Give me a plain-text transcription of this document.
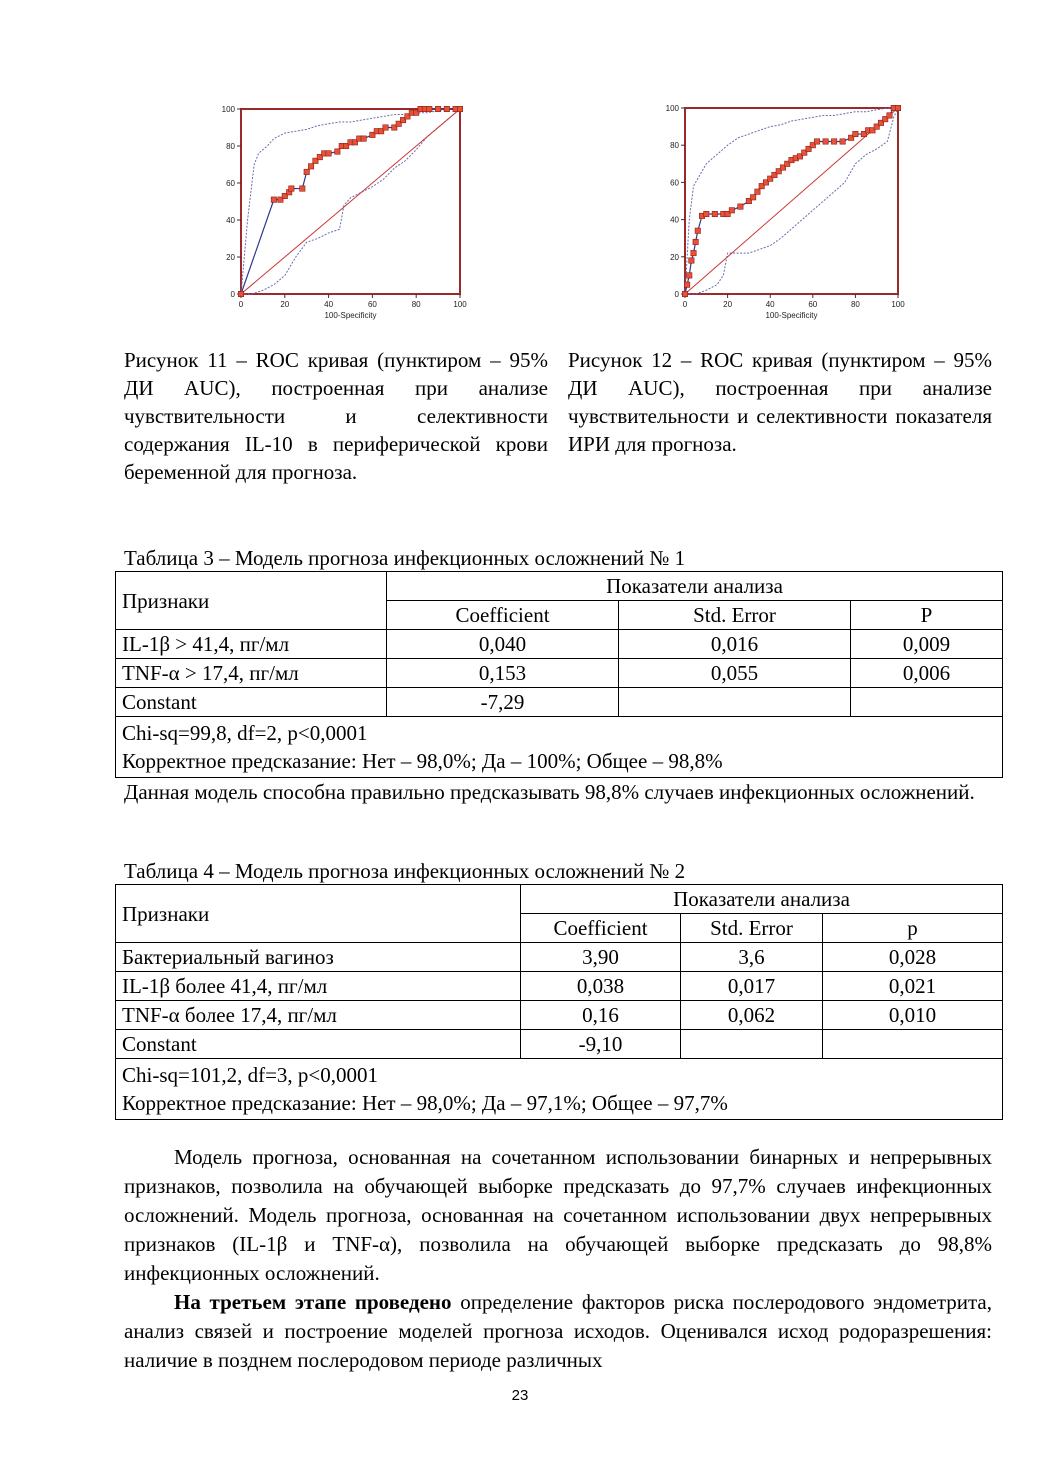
0
20
40
60
80
100
0	20	40	60	80	100
100-Specificity
0
20
40
60
80
100
0	20	40	60	80	100
100-Specificity
Рисунок 11 – ROC кривая (пунктиром – 95% ДИ AUC), построенная при анализе чувствительности и селективности содержания IL-10 в периферической крови беременной для прогноза.
Рисунок 12 – ROC кривая (пунктиром – 95% ДИ AUC), построенная при анализе чувствительности и селективности показателя ИРИ для прогноза.
Таблица 3 – Модель прогноза инфекционных осложнений № 1
Признаки	Показатели анализа		
	Coefficient	Std. Error	P
IL-1β > 41,4, пг/мл	0,040	0,016	0,009
TNF-α > 17,4, пг/мл	0,153	0,055	0,006
Constant	-7,29		

Chi-sq=99,8, df=2, p<0,0001
Корректное предсказание: Нет – 98,0%; Да – 100%; Общее – 98,8%			
Данная модель способна правильно предсказывать 98,8% случаев инфекционных осложнений.
Таблица 4 – Модель прогноза инфекционных осложнений № 2
Признаки	Показатели анализа		
	Coefficient	Std. Error	p
Бактериальный вагиноз	3,90	3,6	0,028
IL-1β более 41,4, пг/мл	0,038	0,017	0,021
TNF-α более 17,4, пг/мл	0,16	0,062	0,010
Constant	-9,10		

Chi-sq=101,2, df=3, p<0,0001
Корректное предсказание: Нет – 98,0%; Да – 97,1%; Общее – 97,7%			
Модель прогноза, основанная на сочетанном использовании бинарных и непрерывных признаков, позволила на обучающей выборке предсказать до 97,7% случаев инфекционных осложнений. Модель прогноза, основанная на сочетанном использовании двух непрерывных признаков (IL-1β и TNF-α), позволила на обучающей выборке предсказать до 98,8% инфекционных осложнений.
На третьем этапе проведено определение факторов риска послеродового эндометрита, анализ связей и построение моделей прогноза исходов. Оценивался исход родоразрешения: наличие в позднем послеродовом периоде различных
23
